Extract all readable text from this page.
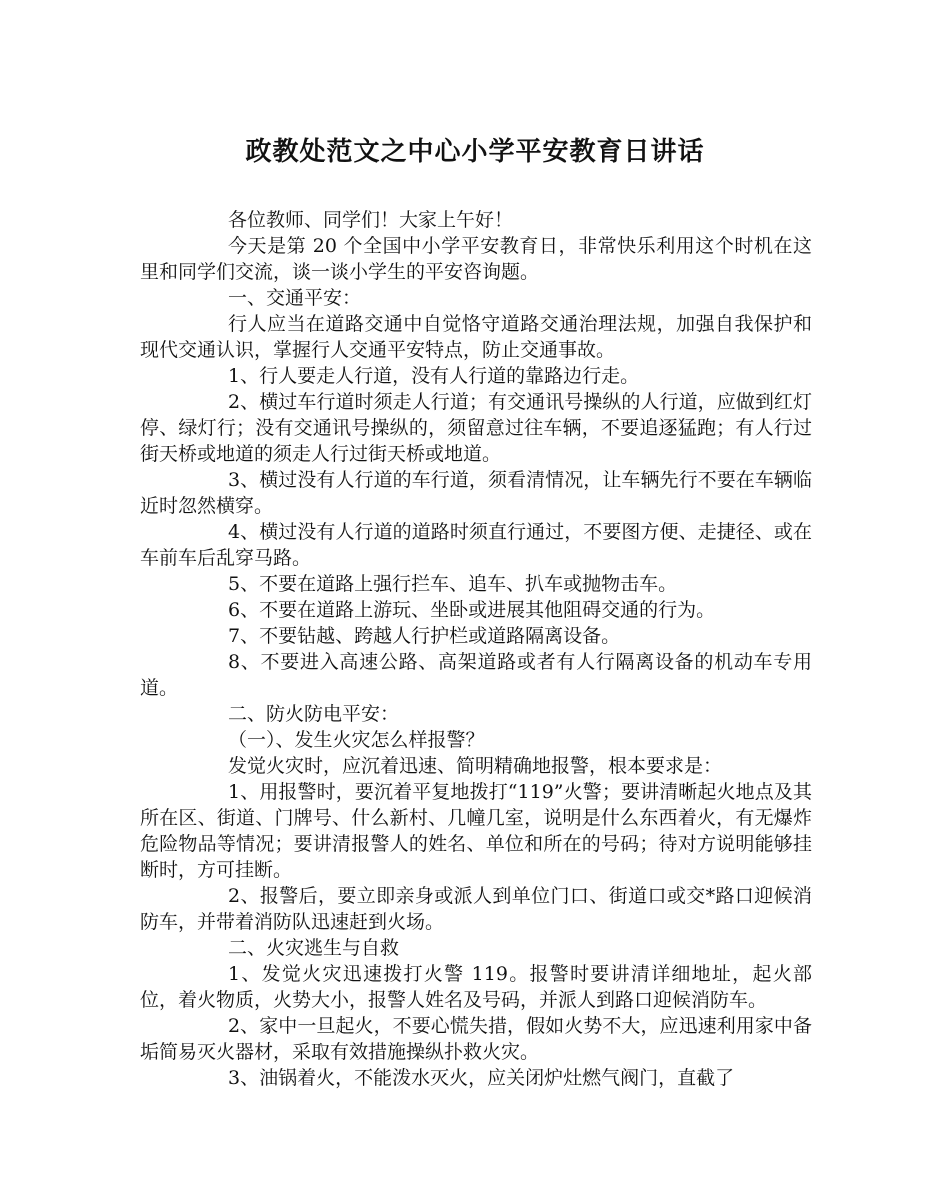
政教处范文之中心小学平安教育日讲话

各位教师、同学们！大家上午好！

今天是第 20 个全国中小学平安教育日，非常快乐利用这个时机在这里和同学们交流，谈一谈小学生的平安咨询题。

一、交通平安：

行人应当在道路交通中自觉恪守道路交通治理法规，加强自我保护和现代交通认识，掌握行人交通平安特点，防止交通事故。

1、行人要走人行道，没有人行道的靠路边行走。

2、横过车行道时须走人行道；有交通讯号操纵的人行道，应做到红灯停、绿灯行；没有交通讯号操纵的，须留意过往车辆，不要追逐猛跑；有人行过街天桥或地道的须走人行过街天桥或地道。

3、横过没有人行道的车行道，须看清情况，让车辆先行不要在车辆临近时忽然横穿。

4、横过没有人行道的道路时须直行通过，不要图方便、走捷径、或在车前车后乱穿马路。

5、不要在道路上强行拦车、追车、扒车或抛物击车。

6、不要在道路上游玩、坐卧或进展其他阻碍交通的行为。

7、不要钻越、跨越人行护栏或道路隔离设备。

8、不要进入高速公路、高架道路或者有人行隔离设备的机动车专用道。

二、防火防电平安：

（一）、发生火灾怎么样报警？

发觉火灾时，应沉着迅速、简明精确地报警，根本要求是：

1、用报警时，要沉着平复地拨打“119”火警；要讲清晰起火地点及其所在区、街道、门牌号、什么新村、几幢几室，说明是什么东西着火，有无爆炸危险物品等情况；要讲清报警人的姓名、单位和所在的号码；待对方说明能够挂断时，方可挂断。

2、报警后，要立即亲身或派人到单位门口、街道口或交*路口迎候消防车，并带着消防队迅速赶到火场。

二、火灾逃生与自救

1、发觉火灾迅速拨打火警 119。报警时要讲清详细地址，起火部位，着火物质，火势大小，报警人姓名及号码，并派人到路口迎候消防车。

2、家中一旦起火，不要心慌失措，假如火势不大，应迅速利用家中备垢简易灭火器材，采取有效措施操纵扑救火灾。

3、油锅着火，不能泼水灭火，应关闭炉灶燃气阀门，直截了
